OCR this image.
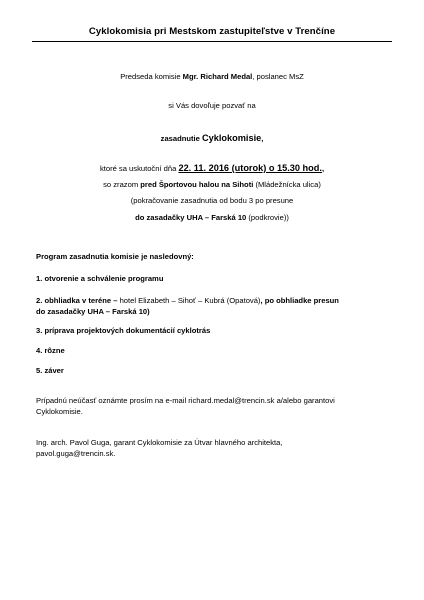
Cyklokomisia pri Mestskom zastupiteľstve v Trenčíne
Predseda komisie Mgr. Richard Medal, poslanec MsZ
si Vás dovoľuje pozvať na
zasadnutie Cyklokomisie,
ktoré sa uskutoční dňa 22. 11. 2016 (utorok) o 15.30 hod.,
so zrazom pred Športovou halou na Sihoti (Mládežnícka ulica)
(pokračovanie zasadnutia od bodu 3 po presune
do zasadačky UHA – Farská 10 (podkrovie))
Program zasadnutia komisie je nasledovný:
1. otvorenie a schválenie programu
2. obhliadka v teréne – hotel Elizabeth – Sihoť – Kubrá (Opatová), po obhliadke presun
do zasadačky UHA – Farská 10)
3. príprava projektových dokumentácií cyklotrás
4. rôzne
5. záver
Prípadnú neúčasť oznámte prosím na e-mail richard.medal@trencin.sk a/alebo garantovi
Cyklokomisie.
Ing. arch. Pavol Guga, garant Cyklokomisie za Útvar hlavného architekta,
pavol.guga@trencin.sk.
